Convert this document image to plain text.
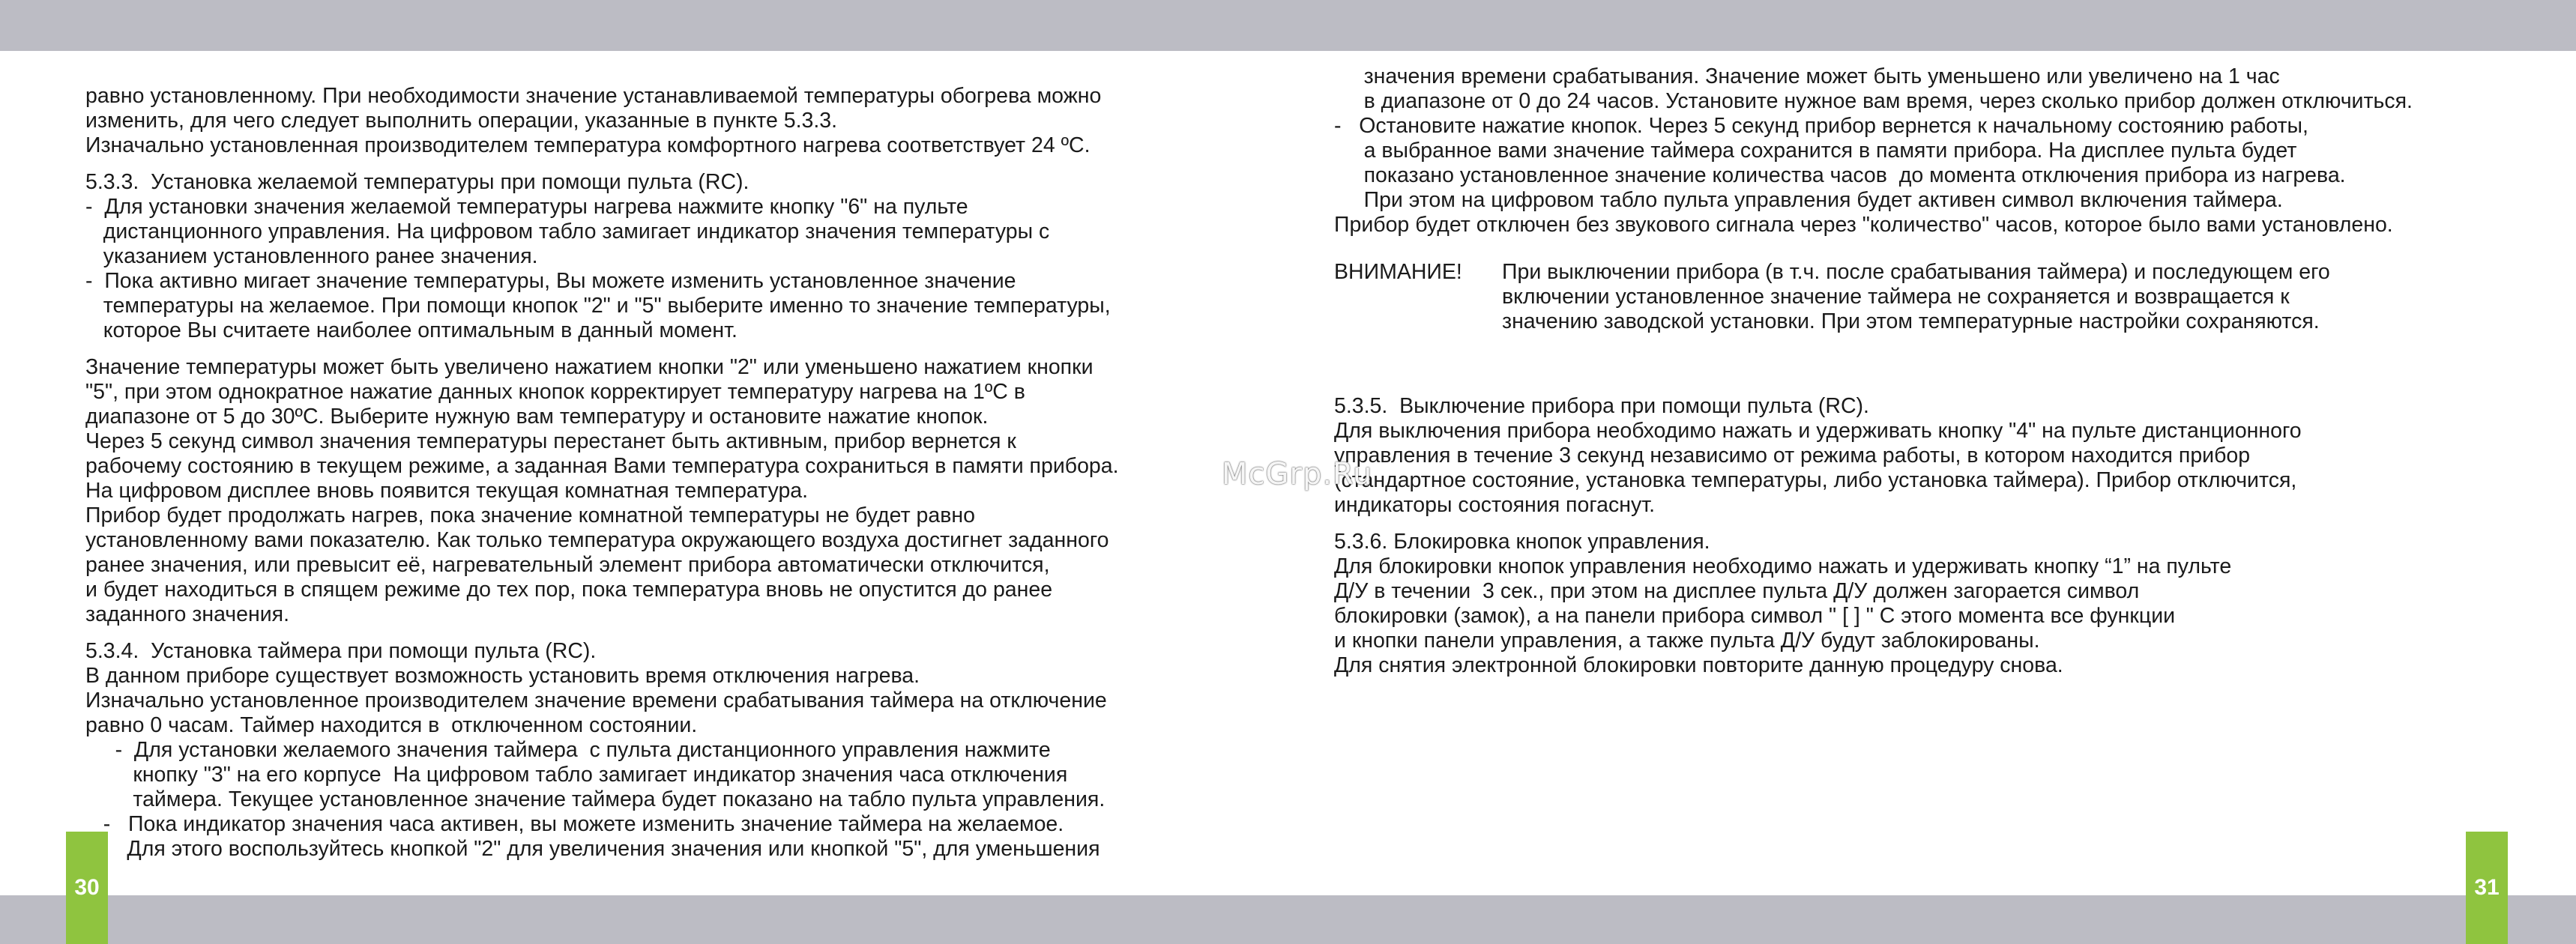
30	31
равно установленному. При необходимости значение устанавливаемой температуры обогрева можно
изменить, для чего следует выполнить операции, указанные в пункте 5.3.3.
Изначально установленная производителем температура комфортного нагрева соответствует 24 ºC.
5.3.3.  Установка желаемой температуры при помощи пульта (RC).
-  Для установки значения желаемой температуры нагрева нажмите кнопку "6" на пульте
дистанционного управления. На цифровом табло замигает индикатор значения температуры с
указанием установленного ранее значения.
-  Пока активно мигает значение температуры, Вы можете изменить установленное значение
температуры на желаемое. При помощи кнопок "2" и "5" выберите именно то значение температуры,
которое Вы считаете наиболее оптимальным в данный момент.
Значение температуры может быть увеличено нажатием кнопки "2" или уменьшено нажатием кнопки
"5", при этом однократное нажатие данных кнопок корректирует температуру нагрева на 1ºC в
диапазоне от 5 до 30ºC. Выберите нужную вам температуру и остановите нажатие кнопок.
Через 5 секунд символ значения температуры перестанет быть активным, прибор вернется к
рабочему состоянию в текущем режиме, а заданная Вами температура сохраниться в памяти прибора.
На цифровом дисплее вновь появится текущая комнатная температура.
Прибор будет продолжать нагрев, пока значение комнатной температуры не будет равно
установленному вами показателю. Как только температура окружающего воздуха достигнет заданного
ранее значения, или превысит её, нагревательный элемент прибора автоматически отключится,
и будет находиться в спящем режиме до тех пор, пока температура вновь не опустится до ранее
заданного значения.
5.3.4.  Установка таймера при помощи пульта (RC).
В данном приборе существует возможность установить время отключения нагрева.
Изначально установленное производителем значение времени срабатывания таймера на отключение
равно 0 часам. Таймер находится в  отключенном состоянии.
-  Для установки желаемого значения таймера  с пульта дистанционного управления нажмите
кнопку "3" на его корпусе  На цифровом табло замигает индикатор значения часа отключения
таймера. Текущее установленное значение таймера будет показано на табло пульта управления.
-   Пока индикатор значения часа активен, вы можете изменить значение таймера на желаемое.
Для этого воспользуйтесь кнопкой "2" для увеличения значения или кнопкой "5", для уменьшения
значения времени срабатывания. Значение может быть уменьшено или увеличено на 1 час
в диапазоне от 0 до 24 часов. Установите нужное вам время, через сколько прибор должен отключиться.
-   Остановите нажатие кнопок. Через 5 секунд прибор вернется к начальному состоянию работы,
а выбранное вами значение таймера сохранится в памяти прибора. На дисплее пульта будет
показано установленное значение количества часов  до момента отключения прибора из нагрева.
При этом на цифровом табло пульта управления будет активен символ включения таймера.
Прибор будет отключен без звукового сигнала через "количество" часов, которое было вами установлено.
ВНИМАНИЕ!	При выключении прибора (в т.ч. после срабатывания таймера) и последующем его
включении установленное значение таймера не сохраняется и возвращается к
значению заводской установки. При этом температурные настройки сохраняются.
5.3.5.  Выключение прибора при помощи пульта (RC).
Для выключения прибора необходимо нажать и удерживать кнопку "4" на пульте дистанционного
управления в течение 3 секунд независимо от режима работы, в котором находится прибор
(стандартное состояние, установка температуры, либо установка таймера). Прибор отключится,
индикаторы состояния погаснут.
5.3.6. Блокировка кнопок управления.
Для блокировки кнопок управления необходимо нажать и удерживать кнопку “1” на пульте
Д/У в течении  3 сек., при этом на дисплее пульта Д/У должен загорается символ
блокировки (замок), а на панели прибора символ " [ ] " С этого момента все функции
и кнопки панели управления, а также пульта Д/У будут заблокированы.
Для снятия электронной блокировки повторите данную процедуру снова.
McGrp.Ru
